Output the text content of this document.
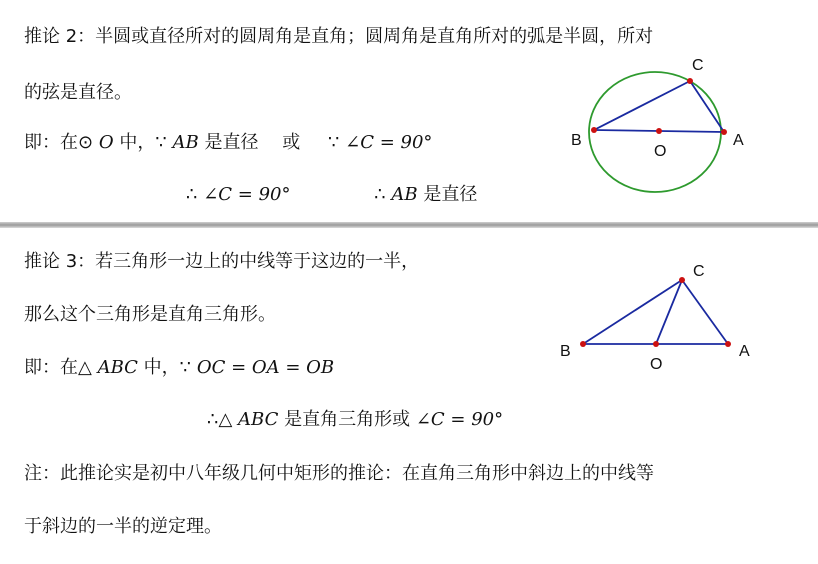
推论 2：半圆或直径所对的圆周角是直角；圆周角是直角所对的弧是半圆，所对
的弦是直径。
即：在⊙ O 中，∵ AB 是直径 或 ∵ ∠C = 90°
∴ ∠C = 90°	∴ AB 是直径
C
B	A
O
推论 3：若三角形一边上的中线等于这边的一半，
那么这个三角形是直角三角形。
即：在△ ABC 中，∵ OC = OA = OB
∴△ ABC 是直角三角形或 ∠C = 90°
C
B	A
O
注：此推论实是初中八年级几何中矩形的推论：在直角三角形中斜边上的中线等
于斜边的一半的逆定理。
